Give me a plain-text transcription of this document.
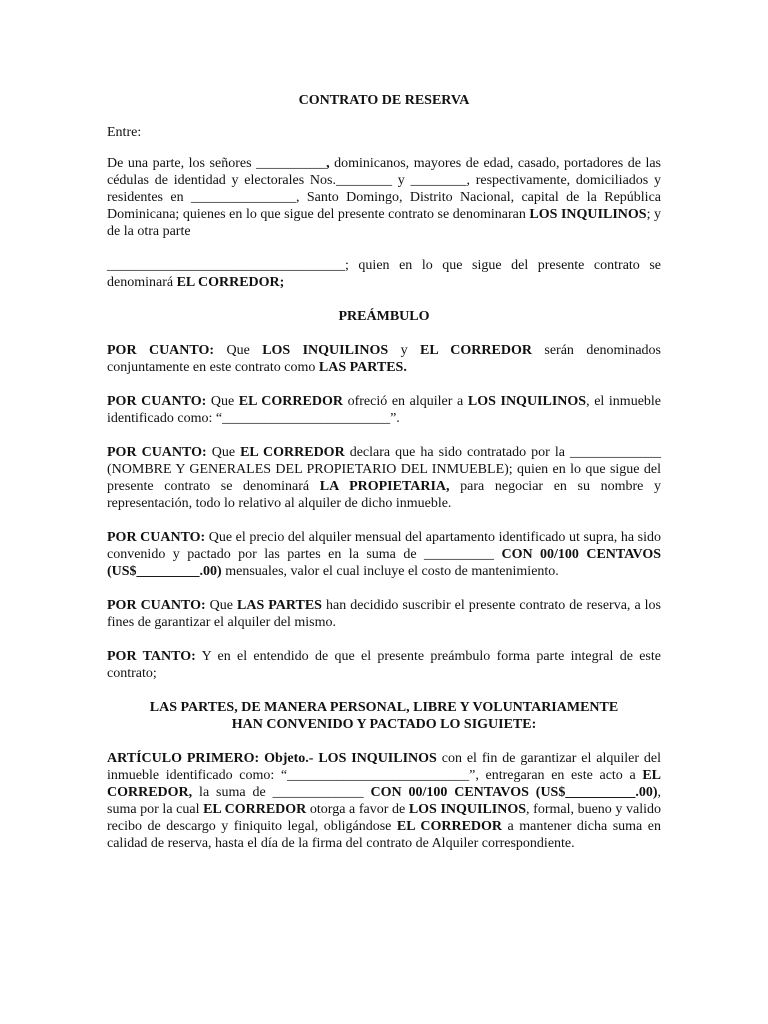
CONTRATO DE RESERVA

Entre:

De una parte, los señores __________, dominicanos, mayores de edad, casado, portadores de las cédulas de identidad y electorales Nos.________ y ________, respectivamente, domiciliados y residentes en _______________, Santo Domingo, Distrito Nacional, capital de la República Dominicana; quienes en lo que sigue del presente contrato se denominaran LOS INQUILINOS; y de la otra parte

__________________________________; quien en lo que sigue del presente contrato se denominará EL CORREDOR;

PREÁMBULO

POR CUANTO: Que LOS INQUILINOS y EL CORREDOR serán denominados conjuntamente en este contrato como LAS PARTES.

POR CUANTO: Que EL CORREDOR ofreció en alquiler a LOS INQUILINOS, el inmueble identificado como: “________________________”.

POR CUANTO: Que EL CORREDOR declara que ha sido contratado por la _____________ (NOMBRE Y GENERALES DEL PROPIETARIO DEL INMUEBLE); quien en lo que sigue del presente contrato se denominará LA PROPIETARIA, para negociar en su nombre y representación, todo lo relativo al alquiler de dicho inmueble.

POR CUANTO: Que el precio del alquiler mensual del apartamento identificado ut supra, ha sido convenido y pactado por las partes en la suma de __________ CON 00/100 CENTAVOS (US$_________.00) mensuales, valor el cual incluye el costo de mantenimiento.

POR CUANTO: Que LAS PARTES han decidido suscribir el presente contrato de reserva, a los fines de garantizar el alquiler del mismo.

POR TANTO: Y en el entendido de que el presente preámbulo forma parte integral de este contrato;

LAS PARTES, DE MANERA PERSONAL, LIBRE Y VOLUNTARIAMENTE
HAN CONVENIDO Y PACTADO LO SIGUIETE:

ARTÍCULO PRIMERO: Objeto.- LOS INQUILINOS con el fin de garantizar el alquiler del inmueble identificado como: “__________________________”, entregaran en este acto a EL CORREDOR, la suma de _____________ CON 00/100 CENTAVOS (US$__________.00), suma por la cual EL CORREDOR otorga a favor de LOS INQUILINOS, formal, bueno y valido recibo de descargo y finiquito legal, obligándose EL CORREDOR a mantener dicha suma en calidad de reserva, hasta el día de la firma del contrato de Alquiler correspondiente.
